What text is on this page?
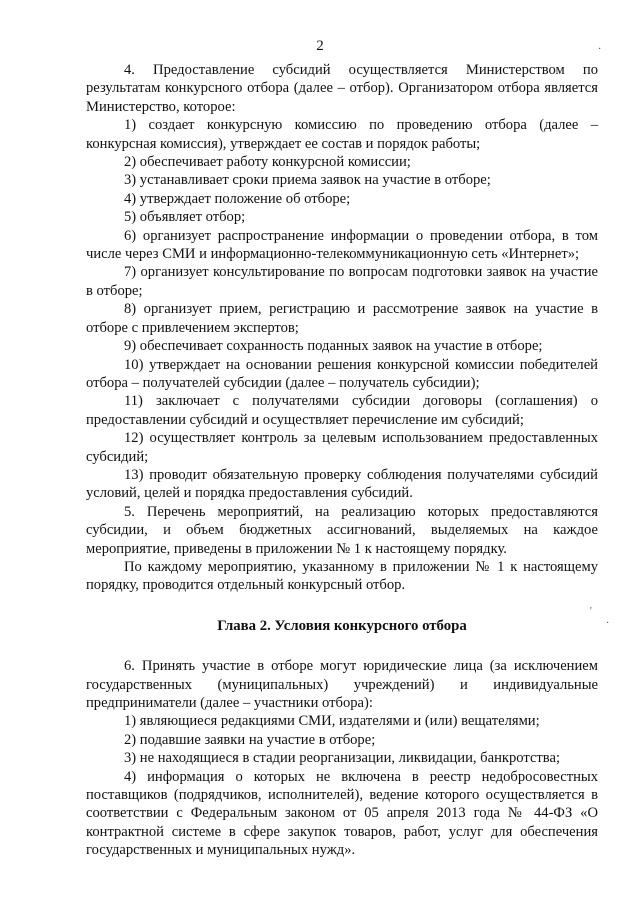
2

4. Предоставление субсидий осуществляется Министерством по результатам конкурсного отбора (далее – отбор). Организатором отбора является Министерство, которое:

1) создает конкурсную комиссию по проведению отбора (далее – конкурсная комиссия), утверждает ее состав и порядок работы;

2) обеспечивает работу конкурсной комиссии;

3) устанавливает сроки приема заявок на участие в отборе;

4) утверждает положение об отборе;

5) объявляет отбор;

6) организует распространение информации о проведении отбора, в том числе через СМИ и информационно-телекоммуникационную сеть «Интернет»;

7) организует консультирование по вопросам подготовки заявок на участие в отборе;

8) организует прием, регистрацию и рассмотрение заявок на участие в отборе с привлечением экспертов;

9) обеспечивает сохранность поданных заявок на участие в отборе;

10) утверждает на основании решения конкурсной комиссии победителей отбора – получателей субсидии (далее – получатель субсидии);

11) заключает с получателями субсидии договоры (соглашения) о предоставлении субсидий и осуществляет перечисление им субсидий;

12) осуществляет контроль за целевым использованием предоставленных субсидий;

13) проводит обязательную проверку соблюдения получателями субсидий условий, целей и порядка предоставления субсидий.

5. Перечень мероприятий, на реализацию которых предоставляются субсидии, и объем бюджетных ассигнований, выделяемых на каждое мероприятие, приведены в приложении № 1 к настоящему порядку.

По каждому мероприятию, указанному в приложении № 1 к настоящему порядку, проводится отдельный конкурсный отбор.

Глава 2. Условия конкурсного отбора

6. Принять участие в отборе могут юридические лица (за исключением государственных (муниципальных) учреждений) и индивидуальные предприниматели (далее – участники отбора):

1) являющиеся редакциями СМИ, издателями и (или) вещателями;

2) подавшие заявки на участие в отборе;

3) не находящиеся в стадии реорганизации, ликвидации, банкротства;

4) информация о которых не включена в реестр недобросовестных поставщиков (подрядчиков, исполнителей), ведение которого осуществляется в соответствии с Федеральным законом от 05 апреля 2013 года № 44-ФЗ «О контрактной системе в сфере закупок товаров, работ, услуг для обеспечения государственных и муниципальных нужд».

·
'
·
